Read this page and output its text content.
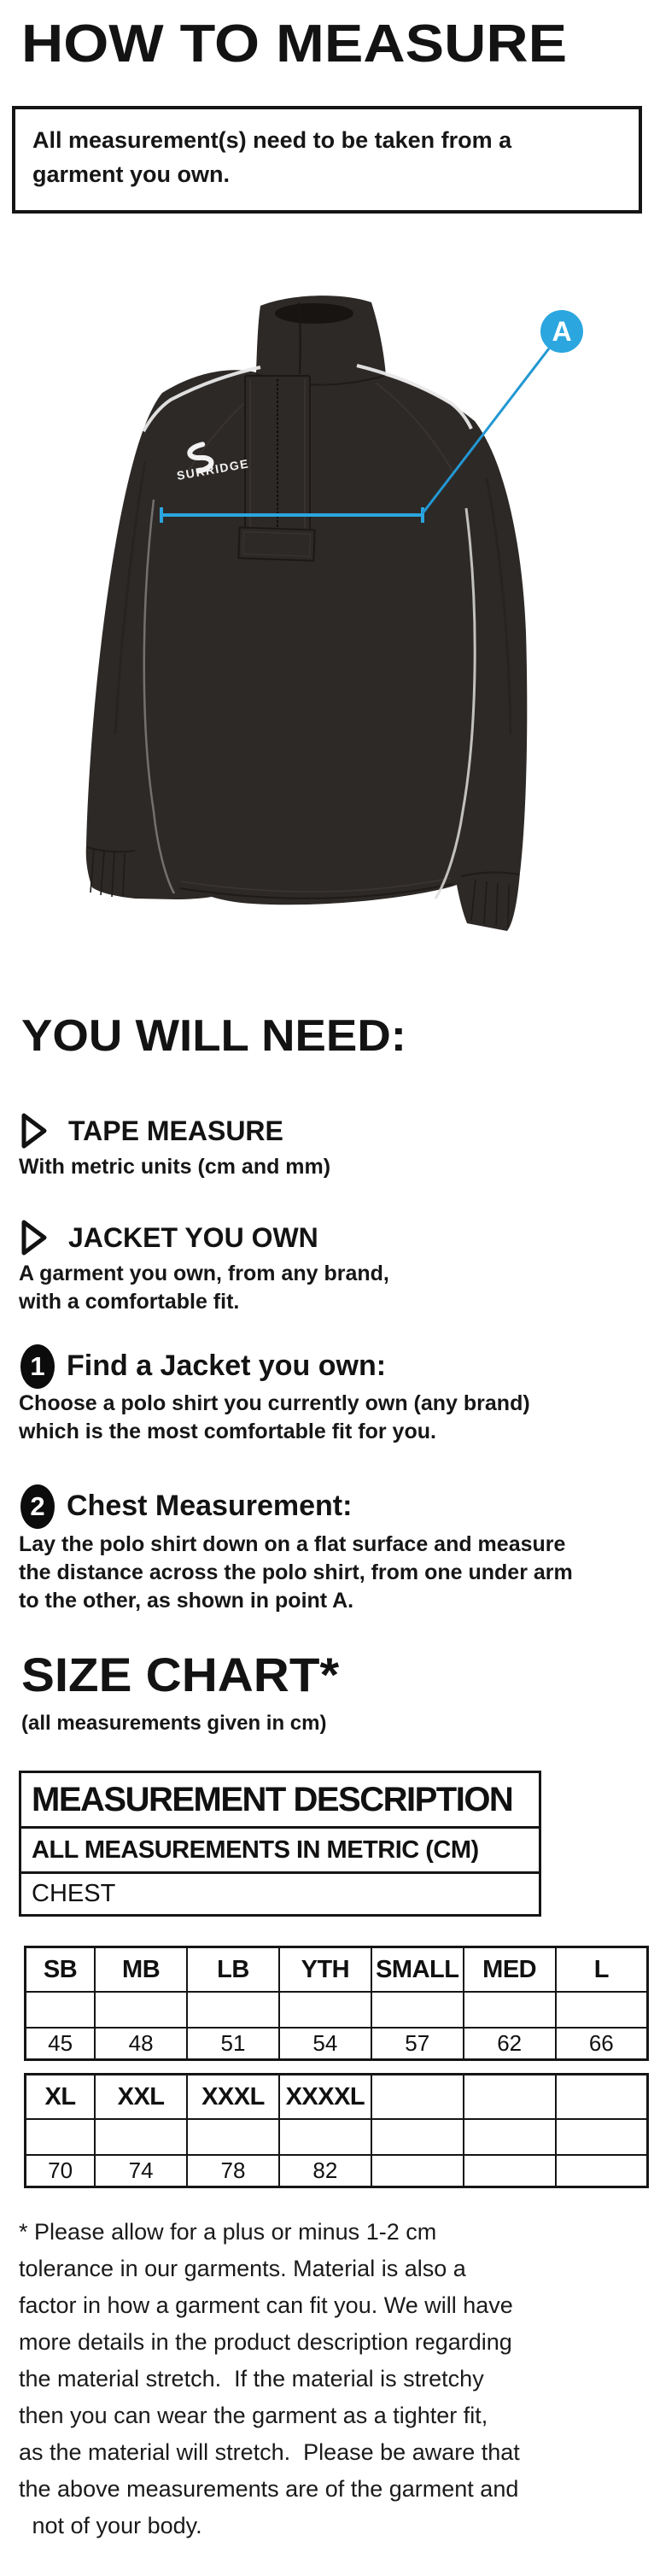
HOW TO MEASURE
All measurement(s) need to be taken from a
garment you own.
SURRIDGE
A
YOU WILL NEED:
TAPE MEASURE
With metric units (cm and mm)
JACKET YOU OWN
A garment you own, from any brand,
with a comfortable fit.
1 Find a Jacket you own:
Choose a polo shirt you currently own (any brand)
which is the most comfortable fit for you.
2 Chest Measurement:
Lay the polo shirt down on a flat surface and measure
the distance across the polo shirt, from one under arm
to the other, as shown in point A.
SIZE CHART*
(all measurements given in cm)
MEASUREMENT DESCRIPTION
ALL MEASUREMENTS IN METRIC (CM)
CHEST
SB	MB	LB	YTH	SMALL	MED	L

45	48	51	54	57	62	66
XL	XXL	XXXL	XXXXL			

70	74	78	82			
* Please allow for a plus or minus 1-2 cm
tolerance in our garments. Material is also a
factor in how a garment can fit you. We will have
more details in the product description regarding
the material stretch.  If the material is stretchy
then you can wear the garment as a tighter fit,
as the material will stretch.  Please be aware that
the above measurements are of the garment and
not of your body.
